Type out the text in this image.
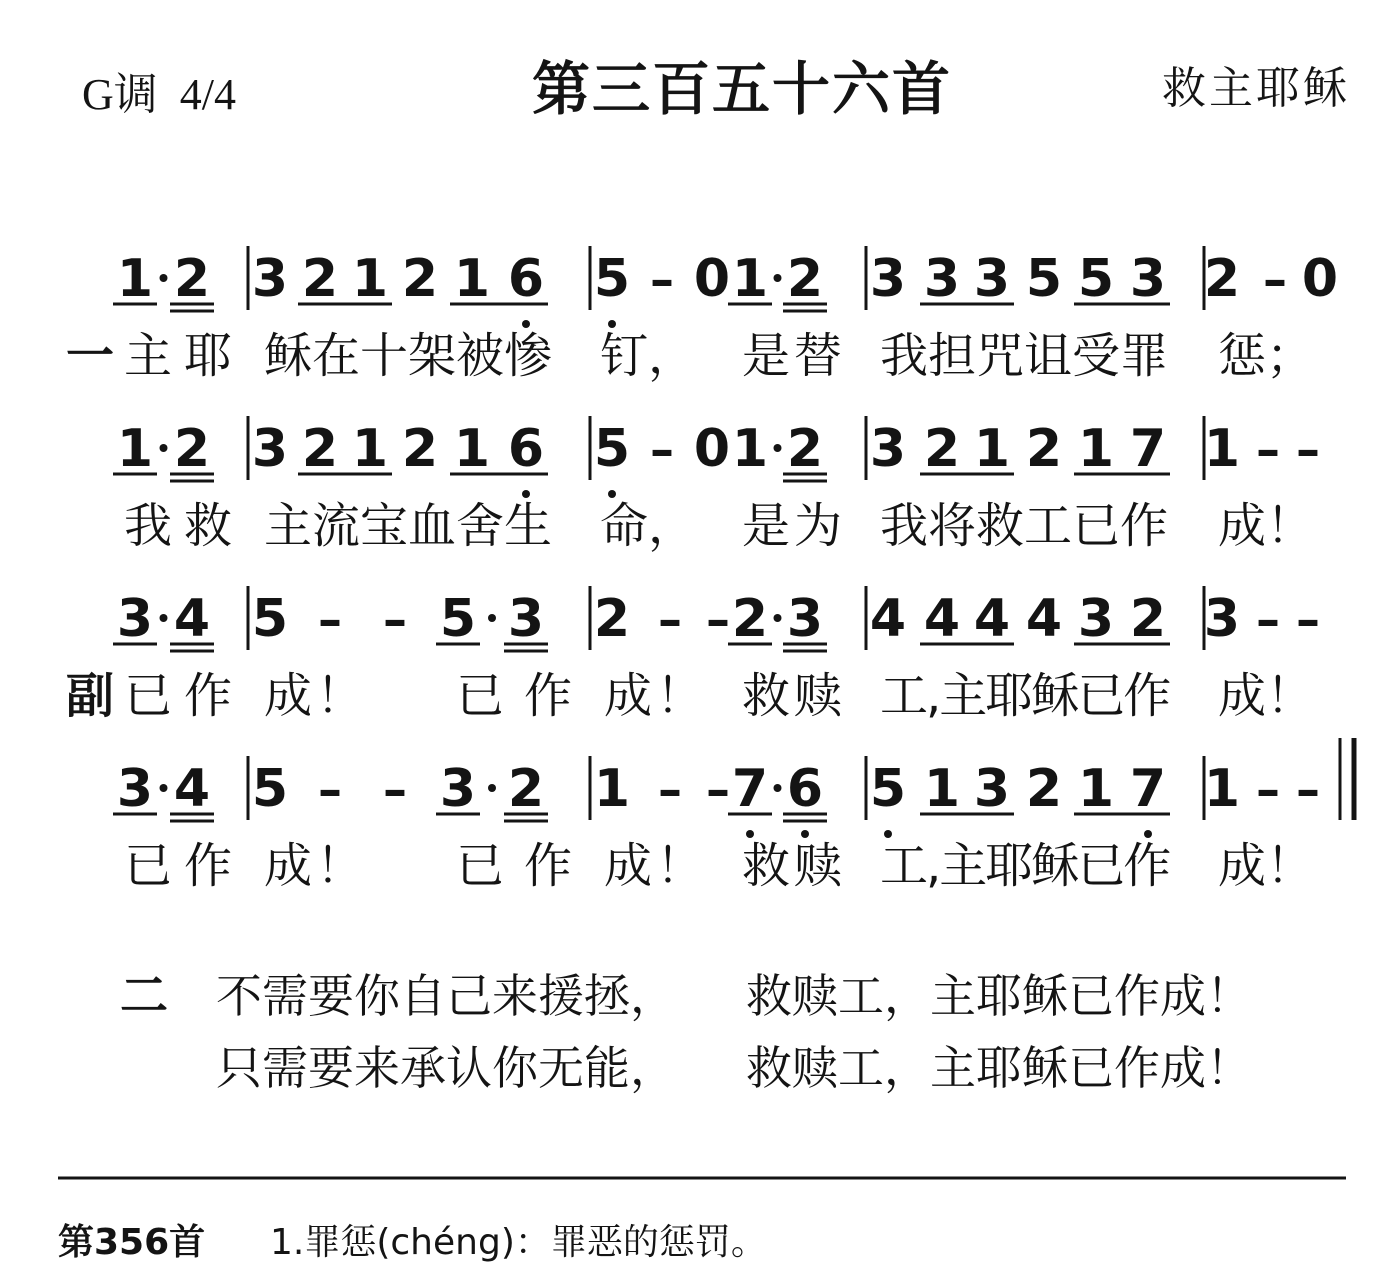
G调 4/4	第三百五十六首	救主耶稣
1 2 3 2 1 2 1 6 5 – 0 1 2 3 3 3 5 5 3 2 – 0
1 2 3 2 1 2 1 6 5 – 0 1 2 3 2 1 2 1 7 1 – –
3 4 5 – – 5 3 2 – – 2 3 4 4 4 4 3 2 3 – –
3 4 5 – – 3 2 1 – – 7 6 5 1 3 2 1 7 1 – –
一 主耶 稣在十架被惨 钉， 是替 我担咒诅受罪 惩；
我救 主流宝血舍生 命， 是为 我将救工已作 成！
副 已作 成！ 已作 成！ 救赎 工,主耶稣已作 成！
已作 成！ 已作 成！ 救赎 工,主耶稣已作 成！
二 不需要你自己来援拯， 救赎工，主耶稣已作成！
只需要来承认你无能， 救赎工，主耶稣已作成！
第356首 1.罪惩(chéng)：罪恶的惩罚。
